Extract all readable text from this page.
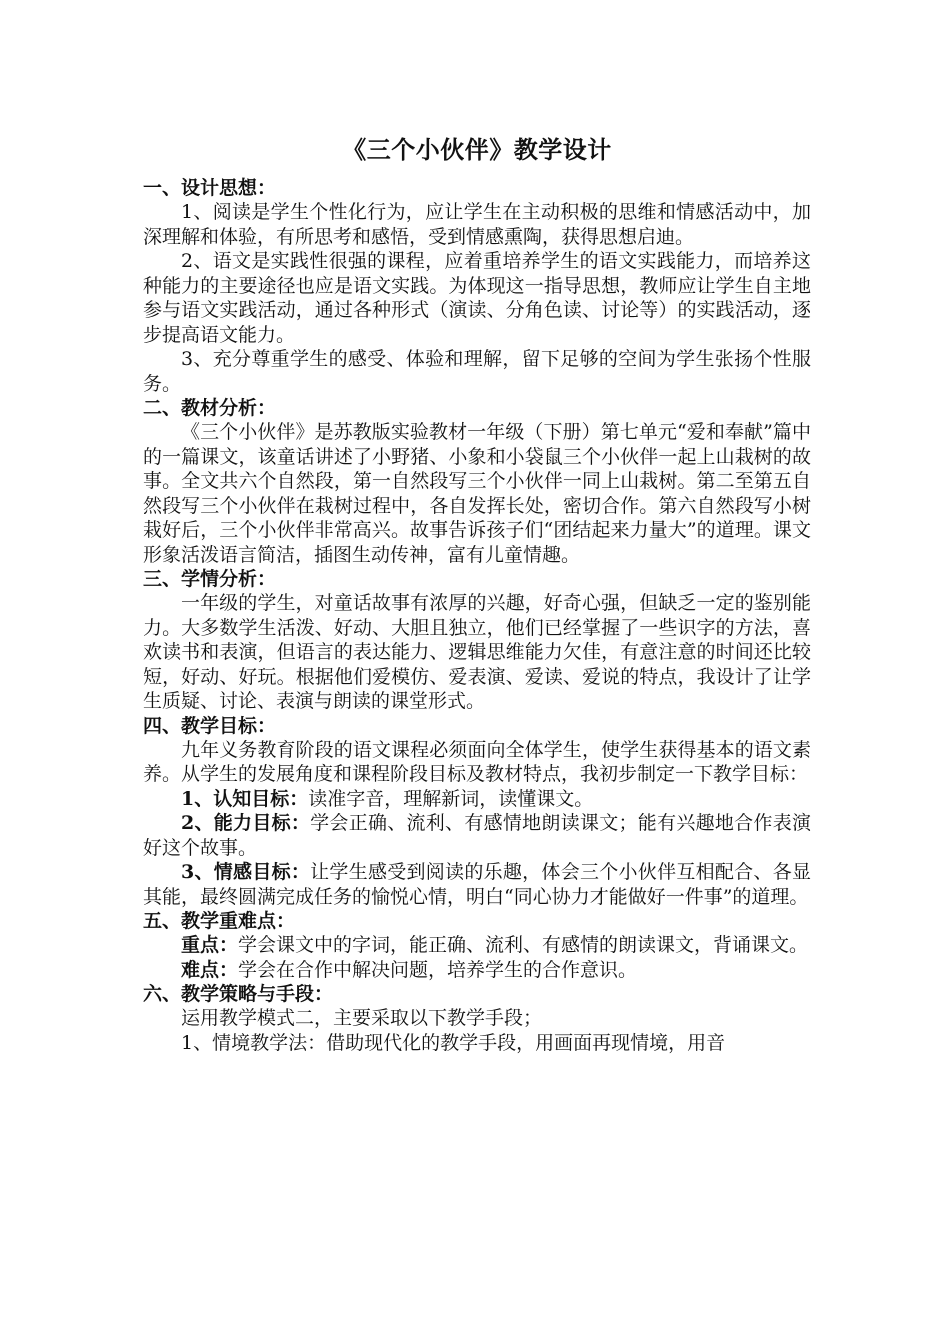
《三个小伙伴》教学设计
一、设计思想：

1、阅读是学生个性化行为，应让学生在主动积极的思维和情感活动中，加深理解和体验，有所思考和感悟，受到情感熏陶，获得思想启迪。

2、语文是实践性很强的课程，应着重培养学生的语文实践能力，而培养这种能力的主要途径也应是语文实践。为体现这一指导思想，教师应让学生自主地参与语文实践活动，通过各种形式（演读、分角色读、讨论等）的实践活动，逐步提高语文能力。

3、充分尊重学生的感受、体验和理解，留下足够的空间为学生张扬个性服务。

二、教材分析：

《三个小伙伴》是苏教版实验教材一年级（下册）第七单元“爱和奉献”篇中的一篇课文，该童话讲述了小野猪、小象和小袋鼠三个小伙伴一起上山栽树的故事。全文共六个自然段，第一自然段写三个小伙伴一同上山栽树。第二至第五自然段写三个小伙伴在栽树过程中，各自发挥长处，密切合作。第六自然段写小树栽好后，三个小伙伴非常高兴。故事告诉孩子们“团结起来力量大”的道理。课文形象活泼语言简洁，插图生动传神，富有儿童情趣。

三、学情分析：

一年级的学生，对童话故事有浓厚的兴趣，好奇心强，但缺乏一定的鉴别能力。大多数学生活泼、好动、大胆且独立，他们已经掌握了一些识字的方法，喜欢读书和表演，但语言的表达能力、逻辑思维能力欠佳，有意注意的时间还比较短，好动、好玩。根据他们爱模仿、爱表演、爱读、爱说的特点，我设计了让学生质疑、讨论、表演与朗读的课堂形式。

四、教学目标：

九年义务教育阶段的语文课程必须面向全体学生，使学生获得基本的语文素养。从学生的发展角度和课程阶段目标及教材特点，我初步制定一下教学目标：

1、认知目标：读准字音，理解新词，读懂课文。

2、能力目标：学会正确、流利、有感情地朗读课文；能有兴趣地合作表演好这个故事。

3、情感目标：让学生感受到阅读的乐趣，体会三个小伙伴互相配合、各显其能，最终圆满完成任务的愉悦心情，明白“同心协力才能做好一件事”的道理。

五、教学重难点：

重点：学会课文中的字词，能正确、流利、有感情的朗读课文，背诵课文。

难点：学会在合作中解决问题，培养学生的合作意识。

六、教学策略与手段：

运用教学模式二，主要采取以下教学手段；

1、情境教学法：借助现代化的教学手段，用画面再现情境，用音
